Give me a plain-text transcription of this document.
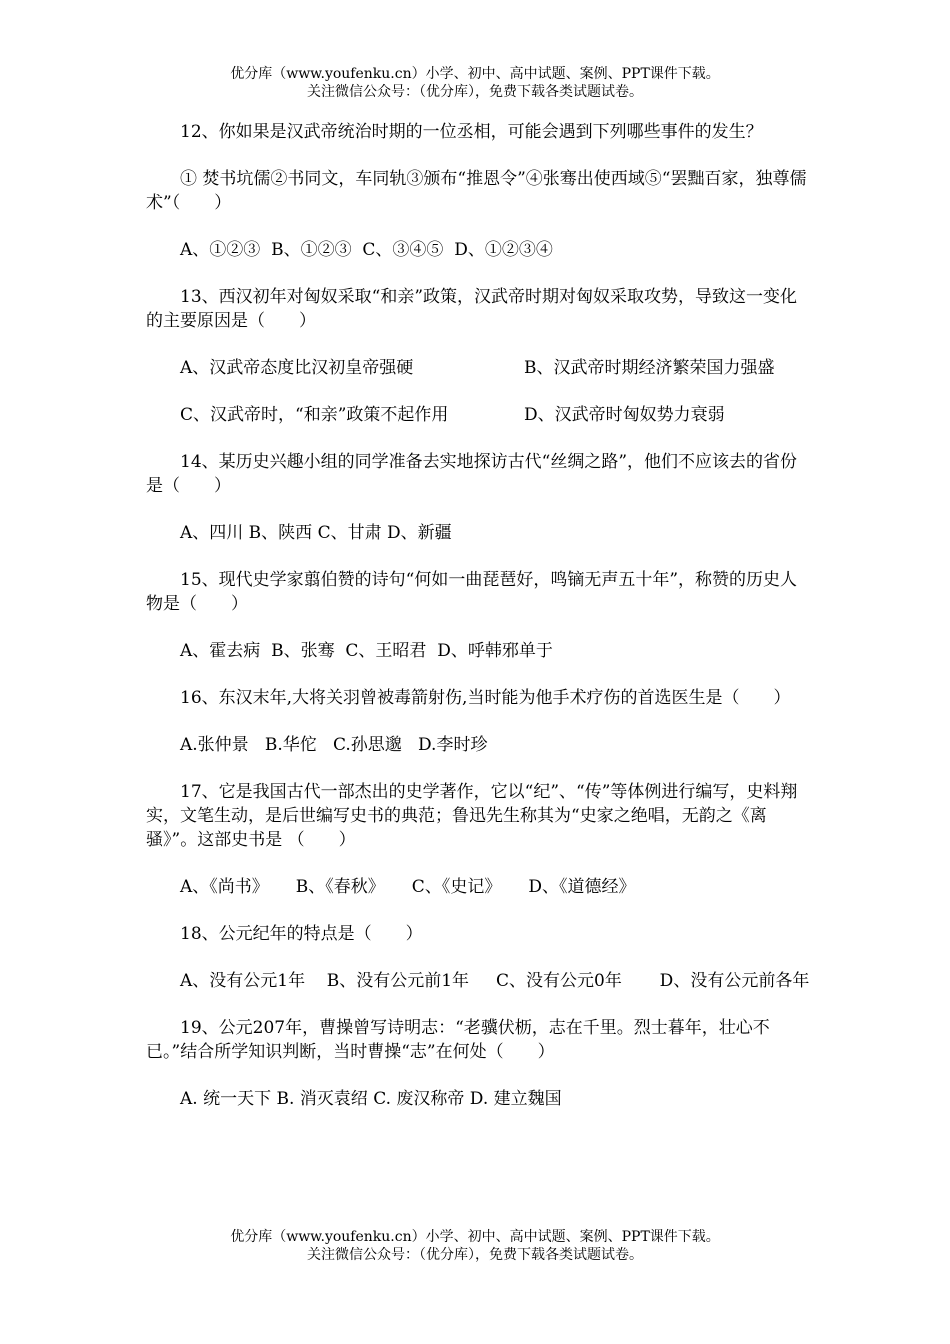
优分库（www.youfenku.cn）小学、初中、高中试题、案例、PPT课件下载。
关注微信公众号：（优分库），免费下载各类试题试卷。

12、你如果是汉武帝统治时期的一位丞相，可能会遇到下列哪些事件的发生？

① 焚书坑儒②书同文，车同轨③颁布“推恩令”④张骞出使西域⑤“罢黜百家，独尊儒术”（　　）

A、①②③  B、①②③  C、③④⑤  D、①②③④

13、西汉初年对匈奴采取“和亲”政策，汉武帝时期对匈奴采取攻势，导致这一变化的主要原因是（　　）

A、汉武帝态度比汉初皇帝强硬	B、汉武帝时期经济繁荣国力强盛
C、汉武帝时，“和亲”政策不起作用	D、汉武帝时匈奴势力衰弱

14、某历史兴趣小组的同学准备去实地探访古代“丝绸之路”，他们不应该去的省份是（　　）

A、四川 B、陕西 C、甘肃 D、新疆

15、现代史学家翦伯赞的诗句“何如一曲琵琶好，鸣镝无声五十年”，称赞的历史人物是（　　）

A、霍去病  B、张骞  C、王昭君  D、呼韩邪单于

16、东汉末年,大将关羽曾被毒箭射伤,当时能为他手术疗伤的首选医生是（　　）

A.张仲景   B.华佗   C.孙思邈   D.李时珍

17、它是我国古代一部杰出的史学著作，它以“纪”、“传”等体例进行编写，史料翔实，文笔生动，是后世编写史书的典范；鲁迅先生称其为“史家之绝唱，无韵之《离骚》”。这部史书是 （　　）

A、《尚书》     B、《春秋》     C、《史记》     D、《道德经》

18、公元纪年的特点是（　　）

A、没有公元1年    B、没有公元前1年     C、没有公元0年       D、没有公元前各年

19、公元207年，曹操曾写诗明志：“老骥伏枥，志在千里。烈士暮年，壮心不已。”结合所学知识判断，当时曹操“志”在何处（　　）

A. 统一天下 B. 消灭袁绍 C. 废汉称帝 D. 建立魏国

优分库（www.youfenku.cn）小学、初中、高中试题、案例、PPT课件下载。
关注微信公众号：（优分库），免费下载各类试题试卷。
